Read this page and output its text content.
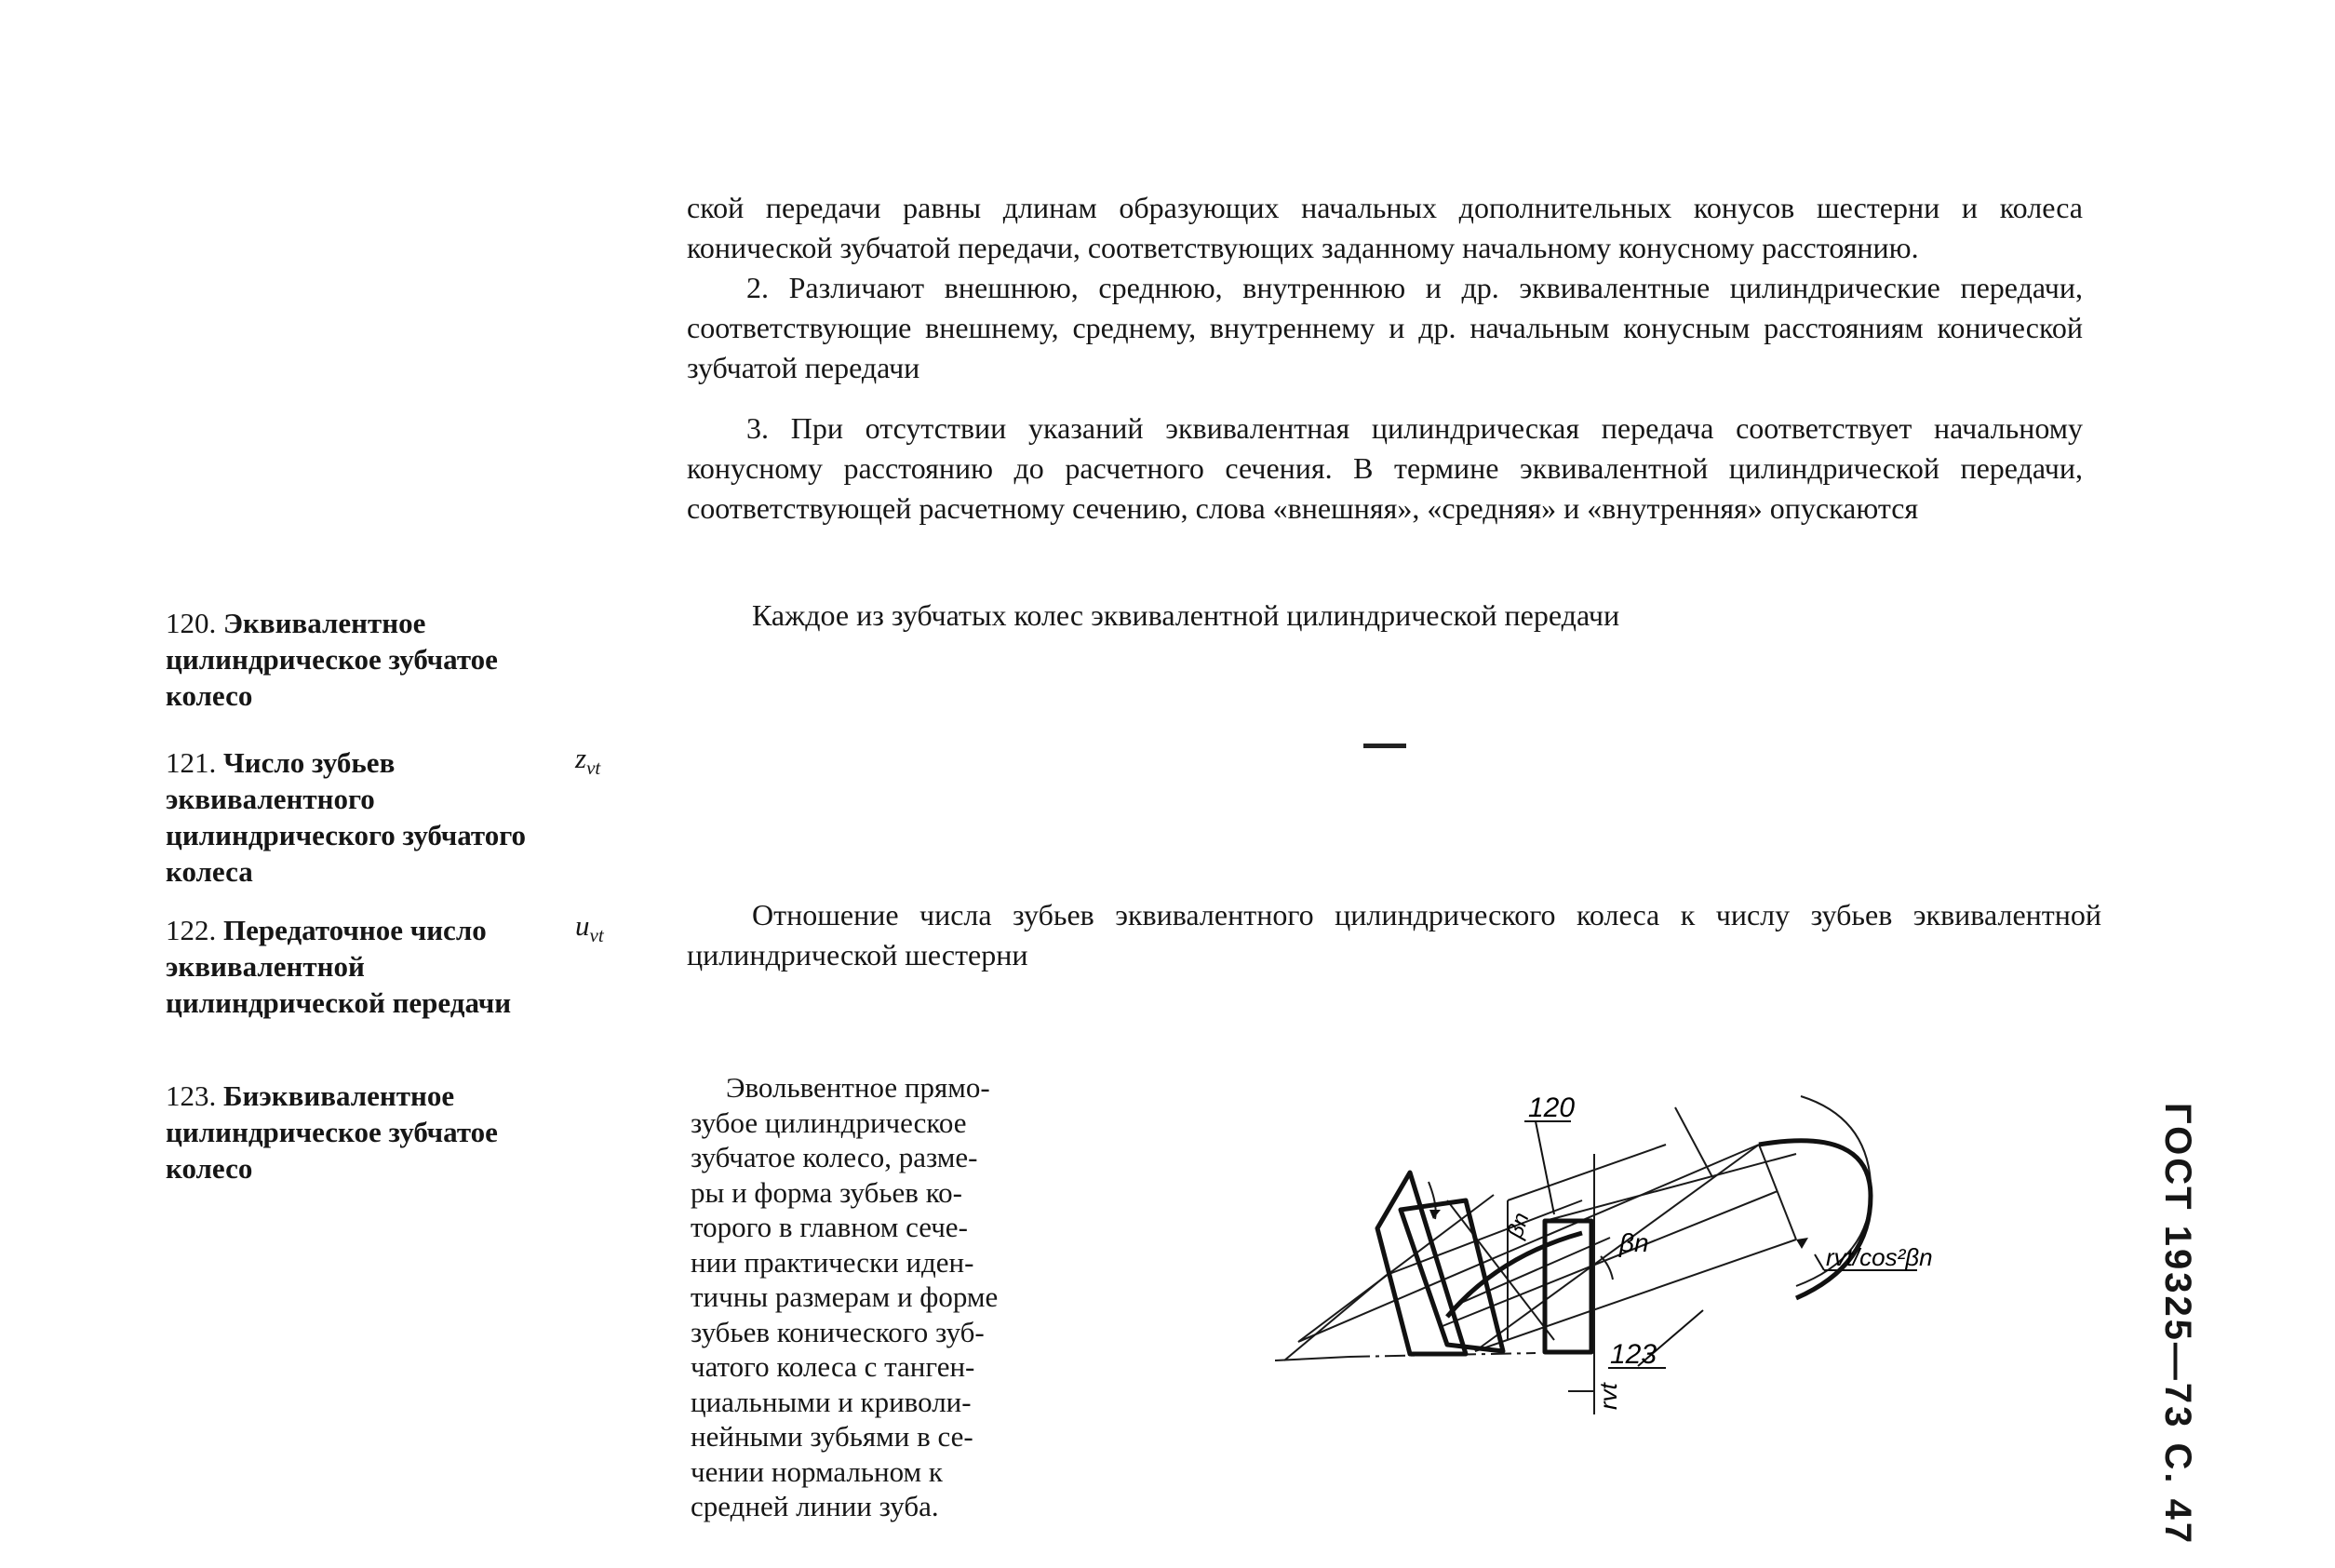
ской передачи равны длинам образующих начальных дополнительных конусов шестерни и колеса конической зубчатой передачи, соответствующих заданному начальному конусному расстоянию.

2. Различают внешнюю, среднюю, внутреннюю и др. эквивалентные цилиндрические передачи, соответствующие внешнему, среднему, внутреннему и др. начальным конусным расстояниям конической зубчатой передачи

3. При отсутствии указаний эквивалентная цилиндрическая передача соответствует начальному конусному расстоянию до расчетного сечения. В термине эквивалентной цилиндрической передачи, соответствующей расчетному сечению, слова «внешняя», «средняя» и «внутренняя» опускаются

120. Эквивалентное цилиндрическое зубчатое колесо
Каждое из зубчатых колес эквивалентной цилиндрической передачи
121. Число зубьев эквивалентного цилиндрического зубчатого колеса
$z_{vt}$
122. Передаточное число эквивалентной цилиндрической передачи
$u_{vt}$
Отношение числа зубьев эквивалентного цилиндрического колеса к числу зубьев эквивалентной цилиндрической шестерни
123. Биэквивалентное цилиндрическое зубчатое колесо
Эвольвентное прямо-
зубое цилиндрическое
зубчатое колесо, разме-
ры и форма зубьев ко-
торого в главном сече-
нии практически иден-
тичны размерам и форме
зубьев конического зуб-
чатого колеса с танген-
циальными и криволи-
нейными зубьями в се-
чении нормальном к
средней линии зуба.
120
123
βn
βn	rvt/cos²βn
rvt	ГОСТ 19325—73 С. 47
